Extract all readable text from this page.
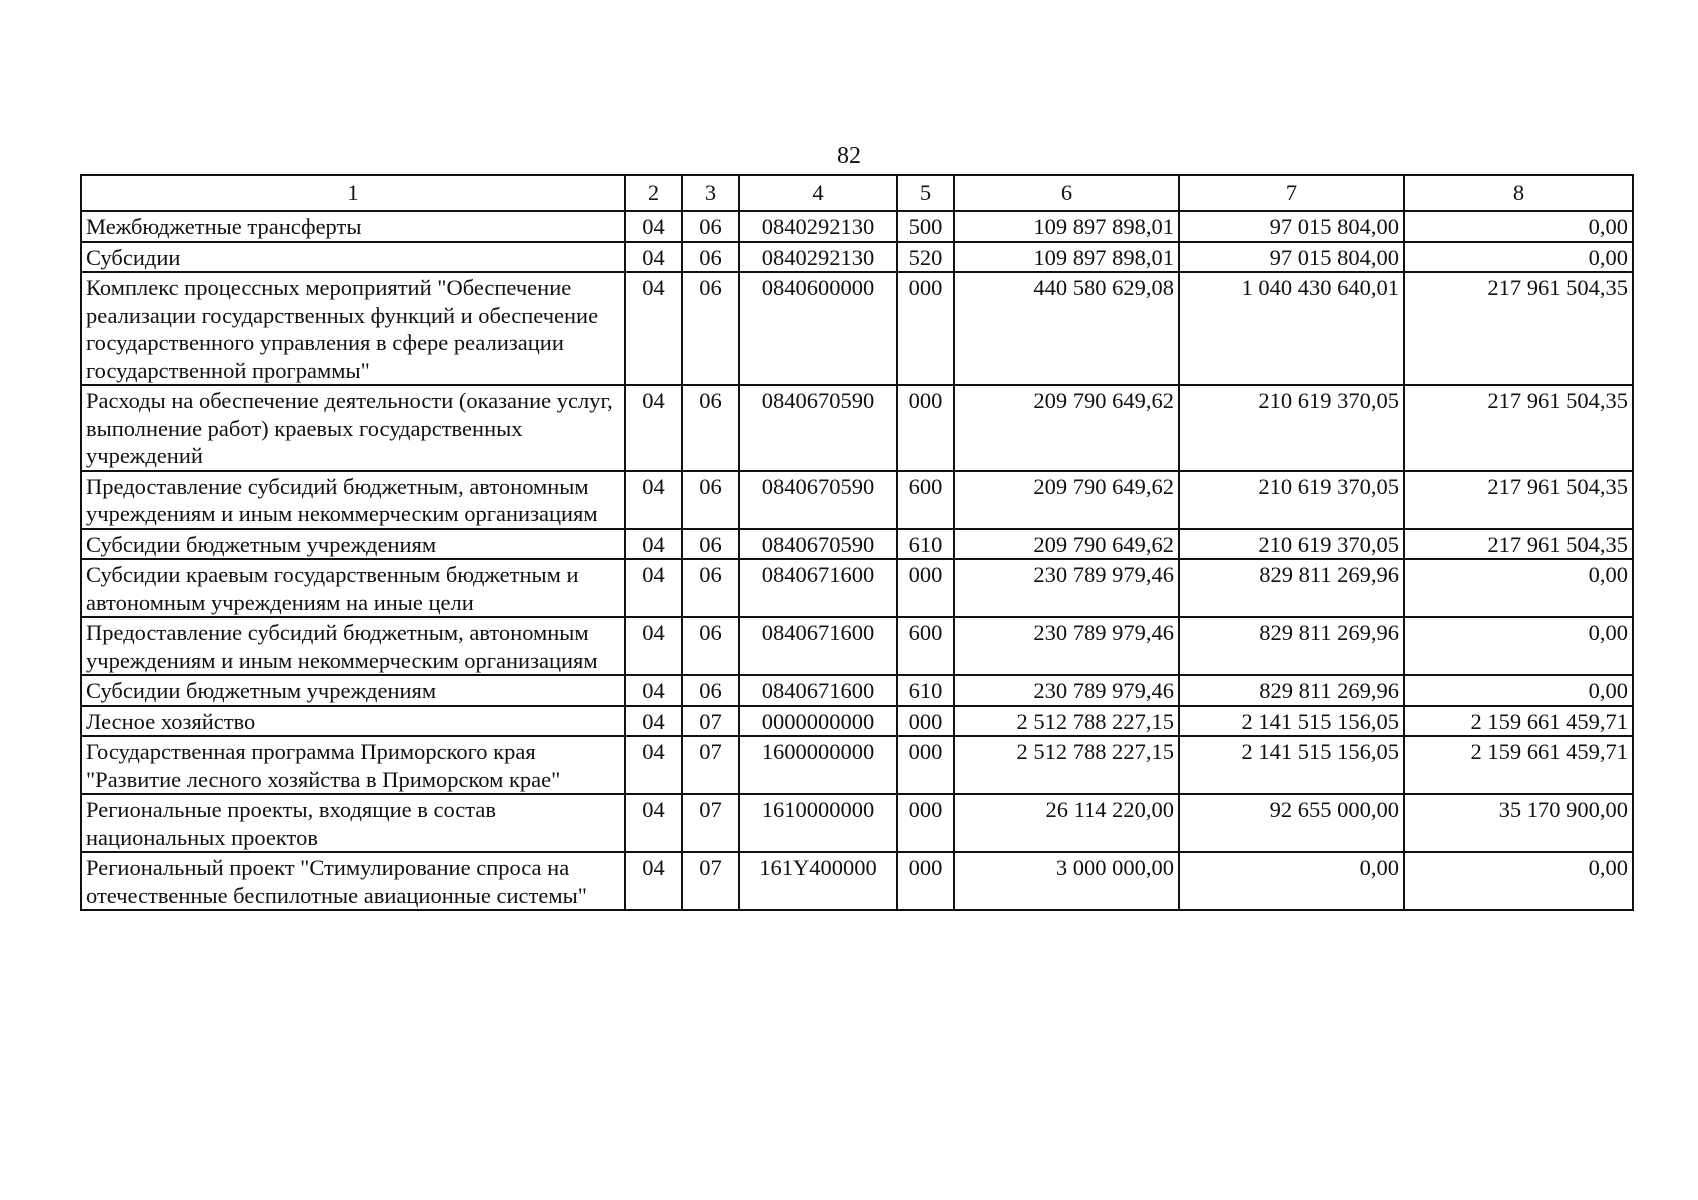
82
1	2	3	4	5	6	7	8
Межбюджетные трансферты	04	06	0840292130	500	109 897 898,01	97 015 804,00	0,00
Субсидии	04	06	0840292130	520	109 897 898,01	97 015 804,00	0,00
Комплекс процессных мероприятий "Обеспечение реализации государственных функций и обеспечение государственного управления в сфере реализации государственной программы"	04	06	0840600000	000	440 580 629,08	1 040 430 640,01	217 961 504,35
Расходы на обеспечение деятельности (оказание услуг, выполнение работ) краевых государственных учреждений	04	06	0840670590	000	209 790 649,62	210 619 370,05	217 961 504,35
Предоставление субсидий бюджетным, автономным учреждениям и иным некоммерческим организациям	04	06	0840670590	600	209 790 649,62	210 619 370,05	217 961 504,35
Субсидии бюджетным учреждениям	04	06	0840670590	610	209 790 649,62	210 619 370,05	217 961 504,35
Субсидии краевым государственным бюджетным и автономным учреждениям на иные цели	04	06	0840671600	000	230 789 979,46	829 811 269,96	0,00
Предоставление субсидий бюджетным, автономным учреждениям и иным некоммерческим организациям	04	06	0840671600	600	230 789 979,46	829 811 269,96	0,00
Субсидии бюджетным учреждениям	04	06	0840671600	610	230 789 979,46	829 811 269,96	0,00
Лесное хозяйство	04	07	0000000000	000	2 512 788 227,15	2 141 515 156,05	2 159 661 459,71
Государственная программа Приморского края "Развитие лесного хозяйства в Приморском крае"	04	07	1600000000	000	2 512 788 227,15	2 141 515 156,05	2 159 661 459,71
Региональные проекты, входящие в состав национальных проектов	04	07	1610000000	000	26 114 220,00	92 655 000,00	35 170 900,00
Региональный проект "Стимулирование спроса на отечественные беспилотные авиационные системы"	04	07	161Y400000	000	3 000 000,00	0,00	0,00
